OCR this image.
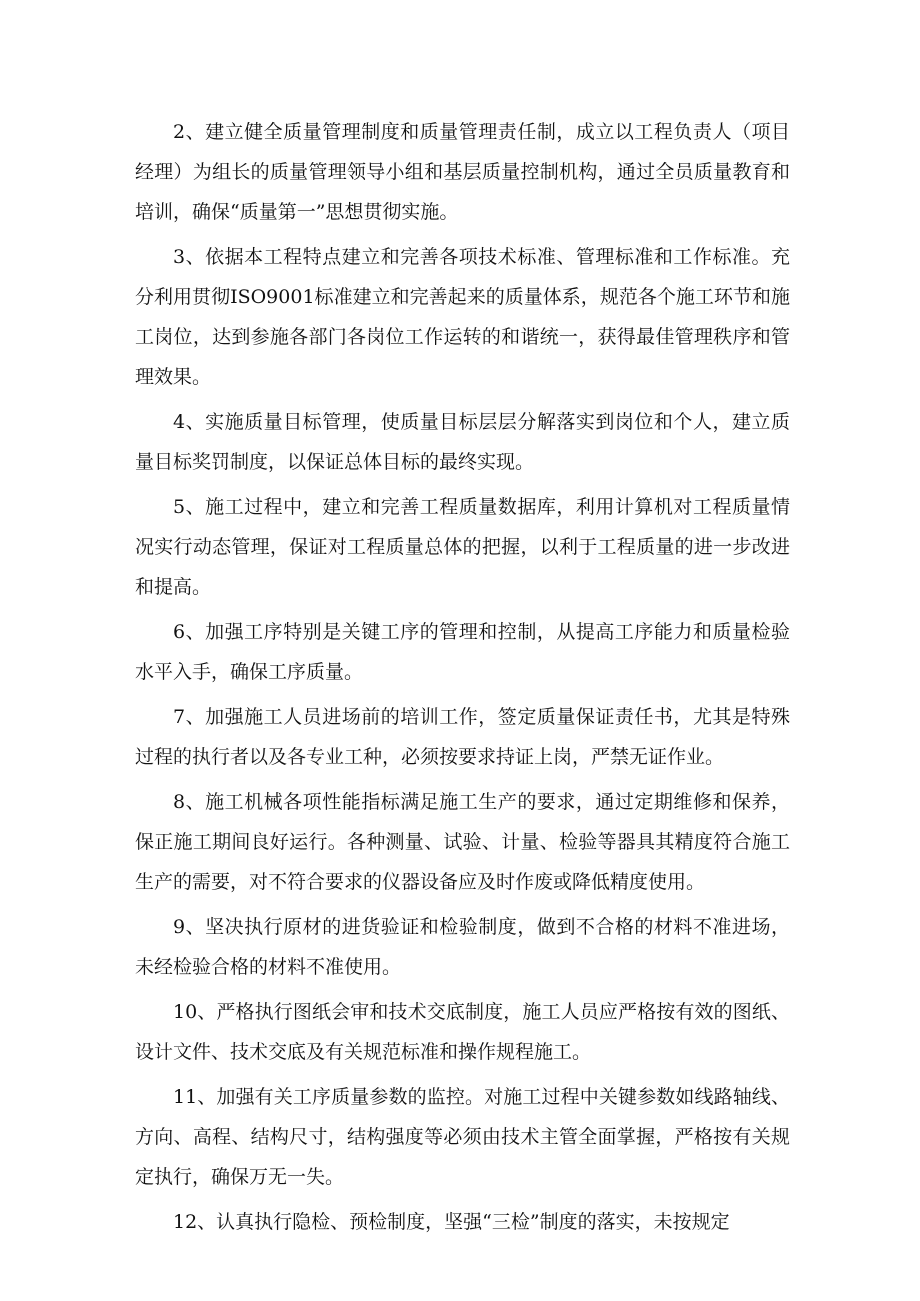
2、建立健全质量管理制度和质量管理责任制，成立以工程负责人（项目经理）为组长的质量管理领导小组和基层质量控制机构，通过全员质量教育和培训，确保“质量第一”思想贯彻实施。

3、依据本工程特点建立和完善各项技术标准、管理标准和工作标准。充分利用贯彻ISO9001标准建立和完善起来的质量体系，规范各个施工环节和施工岗位，达到参施各部门各岗位工作运转的和谐统一，获得最佳管理秩序和管理效果。

4、实施质量目标管理，使质量目标层层分解落实到岗位和个人，建立质量目标奖罚制度，以保证总体目标的最终实现。

5、施工过程中，建立和完善工程质量数据库，利用计算机对工程质量情况实行动态管理，保证对工程质量总体的把握，以利于工程质量的进一步改进和提高。

6、加强工序特别是关键工序的管理和控制，从提高工序能力和质量检验水平入手，确保工序质量。

7、加强施工人员进场前的培训工作，签定质量保证责任书，尤其是特殊过程的执行者以及各专业工种，必须按要求持证上岗，严禁无证作业。

8、施工机械各项性能指标满足施工生产的要求，通过定期维修和保养，保正施工期间良好运行。各种测量、试验、计量、检验等器具其精度符合施工生产的需要，对不符合要求的仪器设备应及时作废或降低精度使用。

9、坚决执行原材的进货验证和检验制度，做到不合格的材料不准进场，未经检验合格的材料不准使用。

10、严格执行图纸会审和技术交底制度，施工人员应严格按有效的图纸、设计文件、技术交底及有关规范标准和操作规程施工。

11、加强有关工序质量参数的监控。对施工过程中关键参数如线路轴线、方向、高程、结构尺寸，结构强度等必须由技术主管全面掌握，严格按有关规定执行，确保万无一失。

12、认真执行隐检、预检制度，坚强“三检”制度的落实，未按规定
